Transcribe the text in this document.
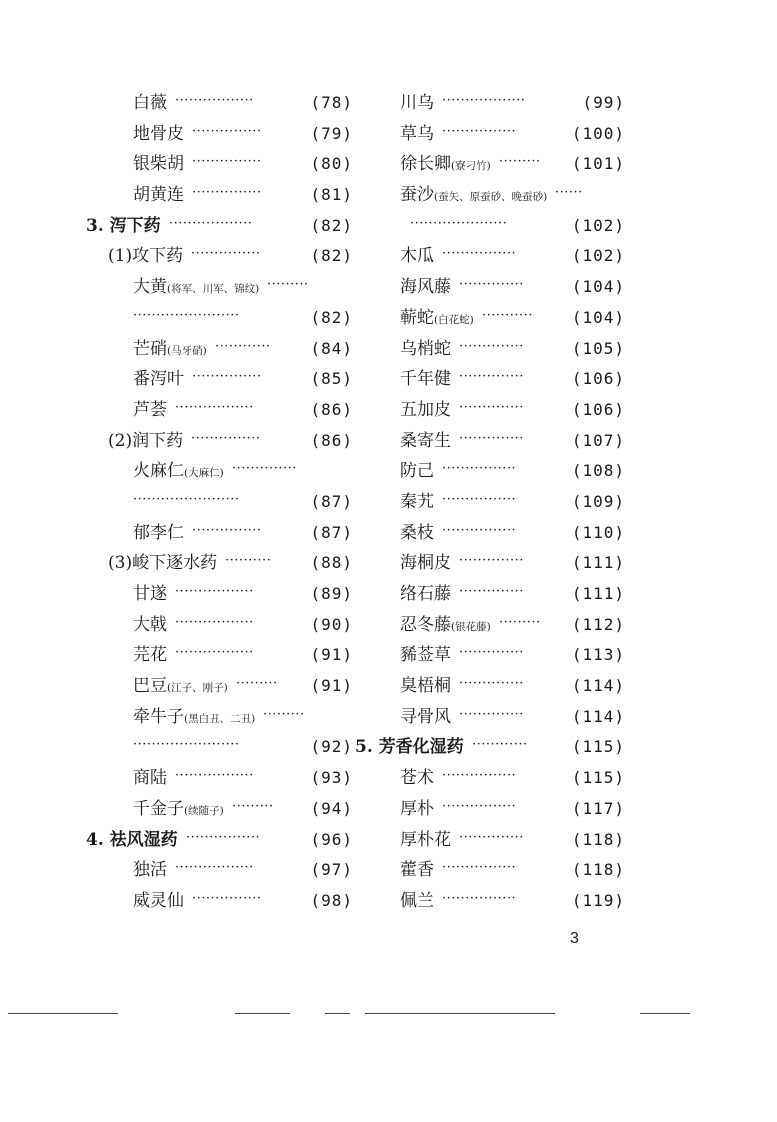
白薇 ·················	(78)
地骨皮 ···············	(79)
银柴胡 ···············	(80)
胡黄连 ···············	(81)
3. 泻下药 ··················	(82)
(1)攻下药 ···············	(82)
大黄(将军、川军、锦纹) ·········
·······················	(82)
芒硝(马牙硝) ············ (84)
番泻叶 ···············	(85)
芦荟 ·················	(86)
(2)润下药 ···············	(86)
火麻仁(大麻仁) ··············
·······················	(87)
郁李仁 ···············	(87)
(3)峻下逐水药 ·········· (88)
甘遂 ·················	(89)
大戟 ·················	(90)
芫花 ·················	(91)
巴豆(江子、刚子) ········· (91)
牵牛子(黑白丑、二丑) ·········
·······················	(92)
商陆 ·················	(93)
千金子(续随子) ········· (94)
4. 祛风湿药 ················	(96)
独活 ·················	(97)
威灵仙 ···············	(98)
川乌 ··················	(99)
草乌 ················	(100)
徐长卿(寮刁竹) ········· (101)
蚕沙(蚕矢、原蚕砂、晚蚕砂) ······
·····················	(102)
木瓜 ················	(102)
海风藤 ··············	(104)
蕲蛇(白花蛇) ··········· (104)
乌梢蛇 ··············	(105)
千年健 ··············	(106)
五加皮 ··············	(106)
桑寄生 ··············	(107)
防己 ················	(108)
秦艽 ················	(109)
桑枝 ················	(110)
海桐皮 ··············	(111)
络石藤 ··············	(111)
忍冬藤(银花藤) ········· (112)
豨莶草 ··············	(113)
臭梧桐 ··············	(114)
寻骨风 ··············	(114)
5. 芳香化湿药 ············	(115)
苍术 ················	(115)
厚朴 ················	(117)
厚朴花 ··············	(118)
藿香 ················	(118)
佩兰 ················	(119)
3
